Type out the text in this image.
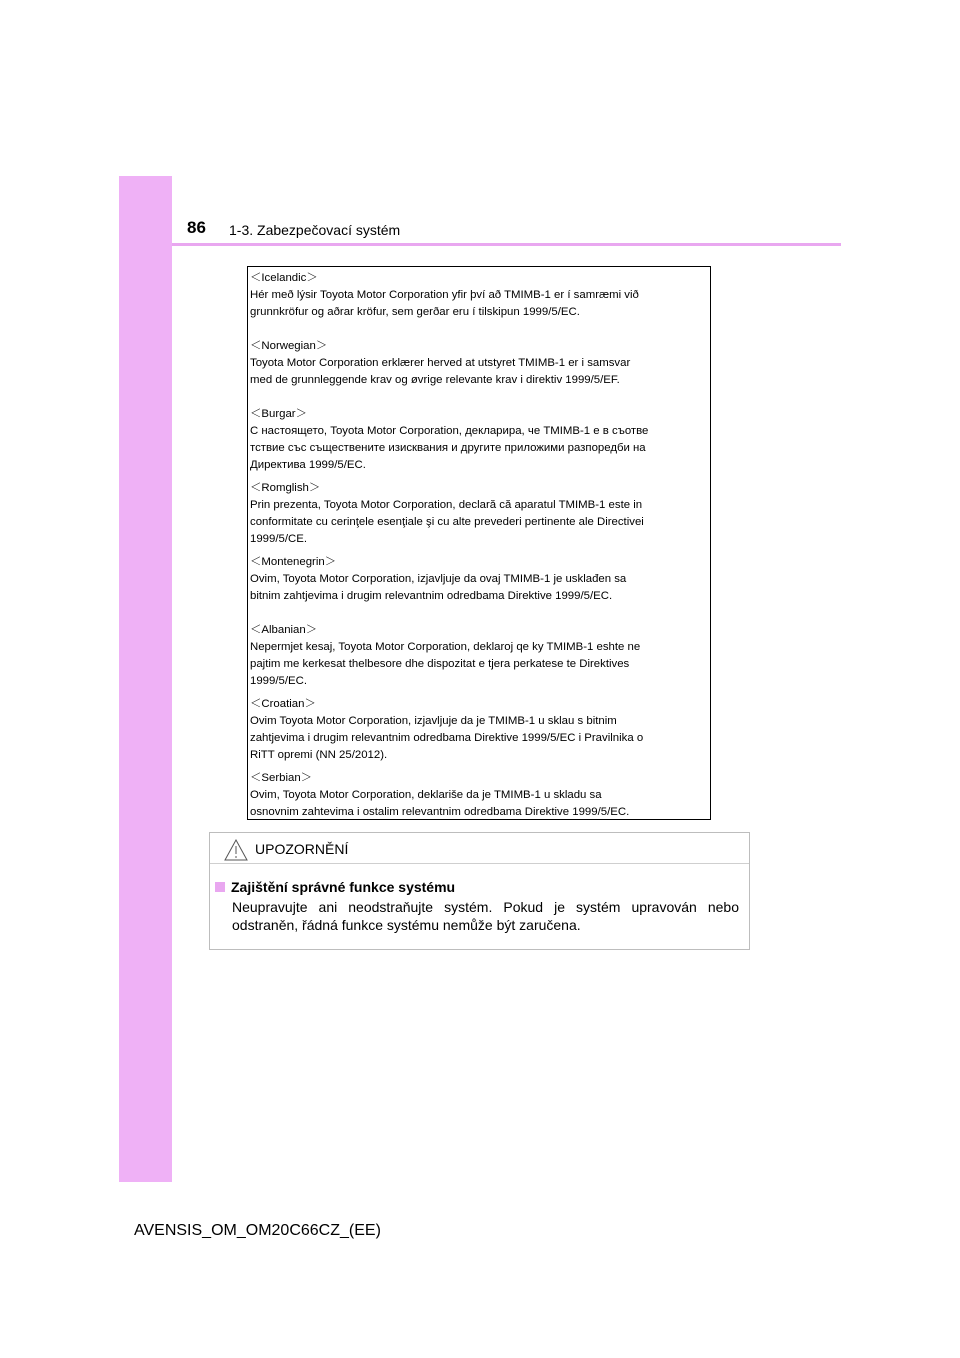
86 1-3. Zabezpečovací systém
＜Icelandic＞
Hér með lýsir Toyota Motor Corporation yfir því að TMIMB-1 er í samræmi við
grunnkröfur og aðrar kröfur, sem gerðar eru í tilskipun 1999/5/EC.
＜Norwegian＞
Toyota Motor Corporation erklærer herved at utstyret TMIMB-1 er i samsvar
med de grunnleggende krav og øvrige relevante krav i direktiv 1999/5/EF.
＜Burgar＞
С настоящето, Toyota Motor Corporation, декларира, че TMIMB-1 е в съотве
тствие със съществените изисквания и другите приложими разпоредби на
Директива 1999/5/ЕС.
＜Romglish＞
Prin prezenta, Toyota Motor Corporation, declară că aparatul TMIMB-1 este in
conformitate cu cerinţele esenţiale şi cu alte prevederi pertinente ale Directivei
1999/5/CE.
＜Montenegrin＞
Ovim, Toyota Motor Corporation, izjavljuje da ovaj TMIMB-1 je usklađen sa
bitnim zahtjevima i drugim relevantnim odredbama Direktive 1999/5/EC.
＜Albanian＞
Nepermjet kesaj, Toyota Motor Corporation, deklaroj qe ky TMIMB-1 eshte ne
pajtim me kerkesat thelbesore dhe dispozitat e tjera perkatese te Direktives
1999/5/EC.
＜Croatian＞
Ovim Toyota Motor Corporation, izjavljuje da je TMIMB-1 u sklau s bitnim
zahtjevima i drugim relevantnim odredbama Direktive 1999/5/EC i Pravilnika o
RiTT opremi (NN 25/2012).
＜Serbian＞
Ovim, Toyota Motor Corporation, deklariše da je TMIMB-1 u skladu sa
osnovnim zahtevima i ostalim relevantnim odredbama Direktive 1999/5/EC.
UPOZORNĚNÍ
Zajištění správné funkce systému

Neupravujte ani neodstraňujte systém. Pokud je systém upravován nebo odstraněn, řádná funkce systému nemůže být zaručena.

AVENSIS_OM_OM20C66CZ_(EE)
